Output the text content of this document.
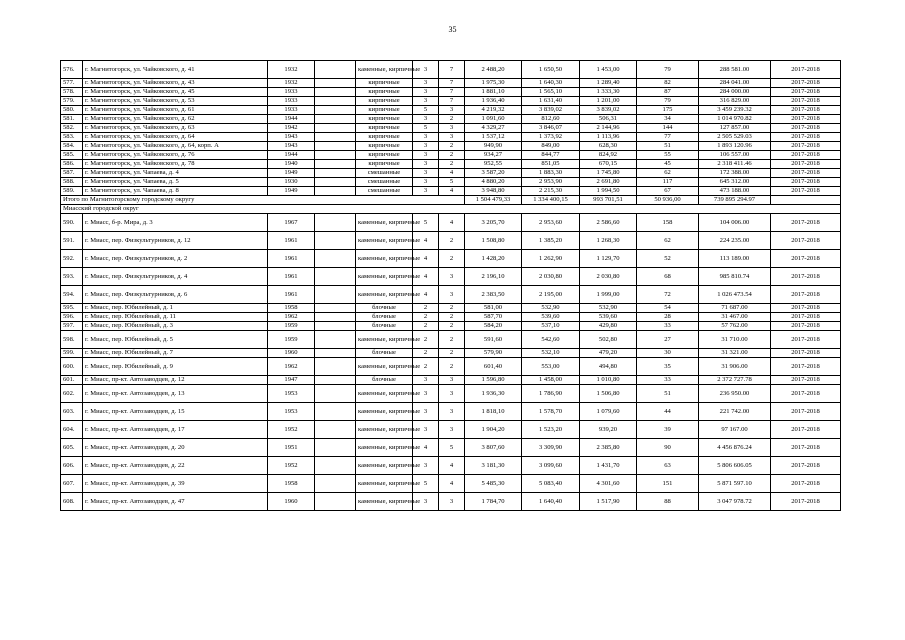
35
576.	г. Магнитогорск, ул. Чайковского, д. 41	1932		каменные, кирпичные	3	7	2 488,20	1 650,50	1 453,00	79	288 581.00	2017-2018
577.	г. Магнитогорск, ул. Чайковского, д. 43	1932		кирпичные	3	7	1 975,30	1 640,30	1 289,40	82	284 041.00	2017-2018
578.	г. Магнитогорск, ул. Чайковского, д. 45	1933		кирпичные	3	7	1 881,10	1 565,10	1 333,30	87	284 000.00	2017-2018
579.	г. Магнитогорск, ул. Чайковского, д. 53	1933		кирпичные	3	7	1 936,40	1 631,40	1 201,00	79	316 829.00	2017-2018
580.	г. Магнитогорск, ул. Чайковского, д. 61	1933		кирпичные	5	3	4 219,32	3 839,02	3 839,02	175	3 459 239.32	2017-2018
581.	г. Магнитогорск, ул. Чайковского, д. 62	1944		кирпичные	3	2	1 091,60	812,60	506,31	34	1 014 970.82	2017-2018
582.	г. Магнитогорск, ул. Чайковского, д. 63	1942		кирпичные	5	3	4 329,27	3 846,07	2 144,96	144	127 857.00	2017-2018
583.	г. Магнитогорск, ул. Чайковского, д. 64	1943		кирпичные	3	3	1 537,12	1 373,92	1 113,96	77	2 505 529.03	2017-2018
584.	г. Магнитогорск, ул. Чайковского, д. 64, корп. А	1943		кирпичные	3	2	949,90	849,00	628,30	51	1 893 120.96	2017-2018
585.	г. Магнитогорск, ул. Чайковского, д. 76	1944		кирпичные	3	2	934,27	844,77	824,92	55	106 557.00	2017-2018
586.	г. Магнитогорск, ул. Чайковского, д. 78	1940		кирпичные	3	2	952,55	851,05	670,15	45	2 318 411.46	2017-2018
587.	г. Магнитогорск, ул. Чапаева, д. 4	1949		смешанные	3	4	3 587,20	1 883,30	1 745,80	62	172 388.00	2017-2018
588.	г. Магнитогорск, ул. Чапаева, д. 5	1930		смешанные	3	5	4 880,20	2 953,90	2 691,80	117	645 312.00	2017-2018
589.	г. Магнитогорск, ул. Чапаева, д. 8	1949		смешанные	3	4	3 948,80	2 215,30	1 994,50	67	473 188.00	2017-2018
Итого по Магнитогорскому городскому округу							1 504 479,33	1 334 400,15	993 701,51	50 936,00	739 895 294.97	
Миасский городской округ												
590.	г. Миасс, б-р. Мира, д. 3	1967		каменные, кирпичные	5	4	3 205,70	2 953,60	2 586,60	158	104 006.00	2017-2018
591.	г. Миасс, пер. Физкультурников, д. 12	1961		каменные, кирпичные	4	2	1 508,80	1 385,20	1 268,30	62	224 235.00	2017-2018
592.	г. Миасс, пер. Физкультурников, д. 2	1961		каменные, кирпичные	4	2	1 428,20	1 262,90	1 129,70	52	113 189.00	2017-2018
593.	г. Миасс, пер. Физкультурников, д. 4	1961		каменные, кирпичные	4	3	2 196,10	2 030,80	2 030,80	68	985 810.74	2017-2018
594.	г. Миасс, пер. Физкультурников, д. 6	1961		каменные, кирпичные	4	3	2 383,50	2 195,00	1 999,00	72	1 026 473.54	2017-2018
595.	г. Миасс, пер. Юбилейный, д. 1	1958		блочные	2	2	581,00	532,90	532,90	54	71 687.00	2017-2018
596.	г. Миасс, пер. Юбилейный, д. 11	1962		блочные	2	2	587,70	539,60	539,60	28	31 467.00	2017-2018
597.	г. Миасс, пер. Юбилейный, д. 3	1959		блочные	2	2	584,20	537,10	429,80	33	57 762.00	2017-2018
598.	г. Миасс, пер. Юбилейный, д. 5	1959		каменные, кирпичные	2	2	591,60	542,60	502,80	27	31 710.00	2017-2018
599.	г. Миасс, пер. Юбилейный, д. 7	1960		блочные	2	2	579,90	532,10	479,20	30	31 321.00	2017-2018
600.	г. Миасс, пер. Юбилейный, д. 9	1962		каменные, кирпичные	2	2	601,40	553,00	494,80	35	31 906.00	2017-2018
601.	г. Миасс, пр-кт. Автозаводцев, д. 12	1947		блочные	3	3	1 596,80	1 458,00	1 010,80	33	2 372 727.78	2017-2018
602.	г. Миасс, пр-кт. Автозаводцев, д. 13	1953		каменные, кирпичные	3	3	1 936,30	1 786,90	1 506,80	51	236 950.00	2017-2018
603.	г. Миасс, пр-кт. Автозаводцев, д. 15	1953		каменные, кирпичные	3	3	1 818,10	1 578,70	1 079,60	44	221 742.00	2017-2018
604.	г. Миасс, пр-кт. Автозаводцев, д. 17	1952		каменные, кирпичные	3	3	1 904,20	1 523,20	939,20	39	97 167.00	2017-2018
605.	г. Миасс, пр-кт. Автозаводцев, д. 20	1951		каменные, кирпичные	4	5	3 807,60	3 309,90	2 385,80	90	4 456 876.24	2017-2018
606.	г. Миасс, пр-кт. Автозаводцев, д. 22	1952		каменные, кирпичные	3	4	3 181,30	3 099,60	1 431,70	63	5 806 606.05	2017-2018
607.	г. Миасс, пр-кт. Автозаводцев, д. 39	1958		каменные, кирпичные	5	4	5 485,30	5 083,40	4 301,60	151	5 871 597.10	2017-2018
608.	г. Миасс, пр-кт. Автозаводцев, д. 47	1960		каменные, кирпичные	3	3	1 784,70	1 640,40	1 517,90	88	3 047 978.72	2017-2018
